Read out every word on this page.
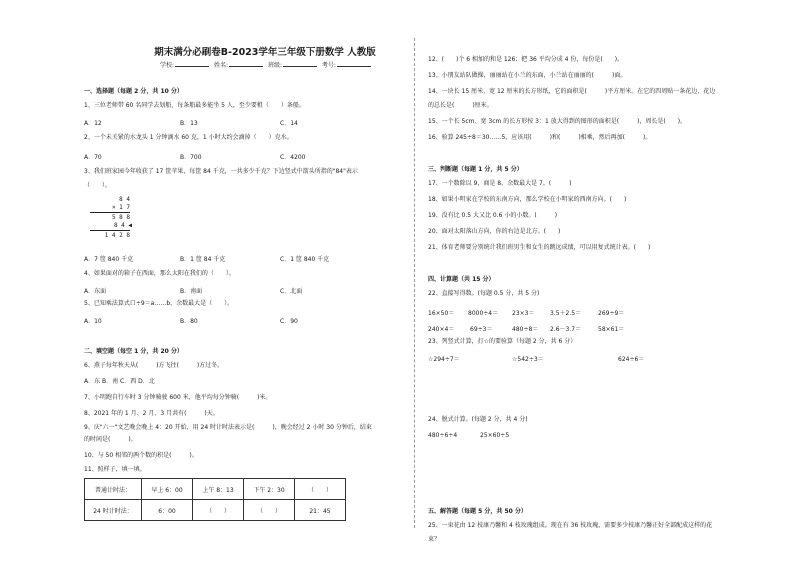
期末满分必刷卷B-2023学年三年级下册数学 人教版
学校:	姓名:	班级:	考号:
一、选择题（每题 2 分，共 10 分）
1、三位老师带 60 名同学去划船，每条船最多能坐 5 人，至少要租（　　）条船。
A．12	B．13	C．14
2、一个未关紧的水龙头 1 分钟滴水 60 克，1 小时大约会滴掉（　　）克水。
A．70	B．700	C．4200
3、我们班家园今年收获了 17 筐苹果，每筐 84 千克，一共多少千克？下边竖式中箭头所指的"84"表示
（　　）。
8 4
× 1 7
5 8 8
8 4 ◀
1 4 2 8
A．7 筐 840 千克	B．1 筐 84 千克	C．1 筐 840 千克
4、如果面对的箱子在西面，那么太阳在我们的（　　）。
A．东面	B．南面	C．北面
5、已知乘法算式口÷9＝a……b，余数最大是（　　）。
A．10	B．80	C．90
二、填空题（每空 1 分，共 20 分）
6、燕子每年秋天从(　　　)方飞往(　　　)方过冬。
A．东 B．南 C．西 D．北
7、小明跑自行车时 3 分钟骑驶 600 米，他平均每分钟骑(　　　)米。
8、2021 年的 1 月、2 月、3 月共有(　　　)天。
9、庆"六一"文艺晚会晚上 4：20 开始，用 24 时计时法表示是(　　　)，晚会经过 2 小时 30 分钟后，结束
的时间是(　　　)。
10、与 50 相邻的两个数的积是(　　　)。
11、照样子，填一填。
普通计时法：	早上 6：00	上午 8：13	下午 2：30	（　　）
24 时计时法：	6：00	（　　）	（　　）	21：45
12、(　　)个 6 相加的和是 126；把 36 平均分成 4 份，每份是(　　)。
13、小朋友站队做操，丽丽站在小兰的东面，小兰站在丽丽的(　　　)面。
14、一块长 15 厘米，宽 12 厘米的长方形纸，它的面积是(　　　)平方厘米。在它的四周贴一条花边，花边
的总长是(　　　)厘米。
15、一个长 5cm、宽 3cm 的长方形按 3：1 放大得到的图形的面积是(　　　)，周长是(　　)。
16、验算 245÷8＝30……5，应该用(　　　)和(　　　)相乘，然后再加(　　　)。
三、判断题（每题 1 分，共 5 分）
17、一个数除以 9，商是 8，余数最大是 7。(　　　)
18、如果小明家在学校的东南方向，那么学校在小明家的西南方向。(　　)
19、没有比 0.5 大又比 0.6 小的小数。(　　　)
20、面对太阳落山方向，你的右边是北方。(　　)
21、体育老师要分别统计我们班男生和女生的跳远成绩，可以用复式统计表。(　　)
四、计算题（共 15 分）
22、直接写得数。(每题 0.5 分，共 5 分)
16×50＝ 8000÷4＝ 23×3＝	3.5＋2.5＝	269÷9＝
240×4＝	69÷3＝	480÷8＝ 2.6－3.7＝	58×61＝
23、列竖式计算，打☆的要验算（每题 2 分，共 6 分）
☆294÷7＝	☆542÷3＝	624÷6＝
24、脱式计算。(每题 2 分，共 4 分)
480÷6÷4	25×60÷5
五、解答题（每题 5 分，共 50 分）
25、一束花由 12 枝康乃馨和 4 枝玫瑰组成。现在有 36 枝玫瑰，需要多少枝康乃馨正好全部配成这样的花
束？
